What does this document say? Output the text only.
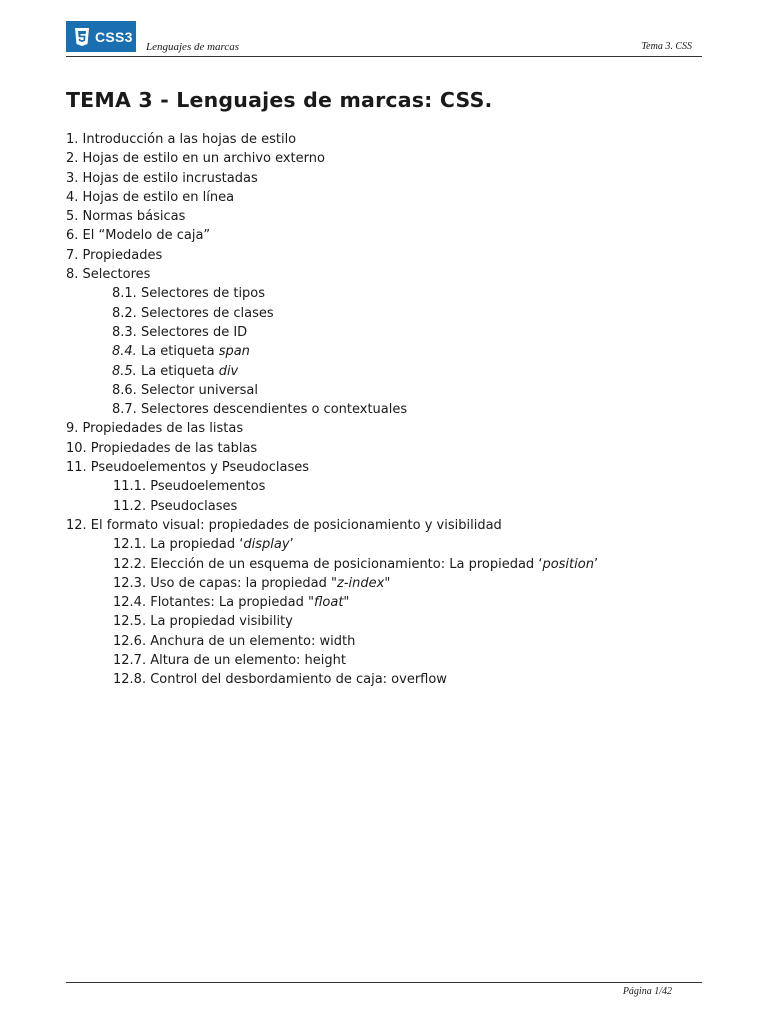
CSS3
Lenguajes de marcas	Tema 3. CSS
TEMA 3 - Lenguajes de marcas: CSS.
1. Introducción a las hojas de estilo
2. Hojas de estilo en un archivo externo
3. Hojas de estilo incrustadas
4. Hojas de estilo en línea
5. Normas básicas
6. El “Modelo de caja”
7. Propiedades
8. Selectores
8.1. Selectores de tipos
8.2. Selectores de clases
8.3. Selectores de ID
8.4. La etiqueta span
8.5. La etiqueta div
8.6. Selector universal
8.7. Selectores descendientes o contextuales
9. Propiedades de las listas
10. Propiedades de las tablas
11. Pseudoelementos y Pseudoclases
11.1. Pseudoelementos
11.2. Pseudoclases
12. El formato visual: propiedades de posicionamiento y visibilidad
12.1. La propiedad ‘display’
12.2. Elección de un esquema de posicionamiento: La propiedad ‘position’
12.3. Uso de capas: la propiedad "z-index"
12.4. Flotantes: La propiedad "float"
12.5. La propiedad visibility
12.6. Anchura de un elemento: width
12.7. Altura de un elemento: height
12.8. Control del desbordamiento de caja: overflow
Página 1/42
